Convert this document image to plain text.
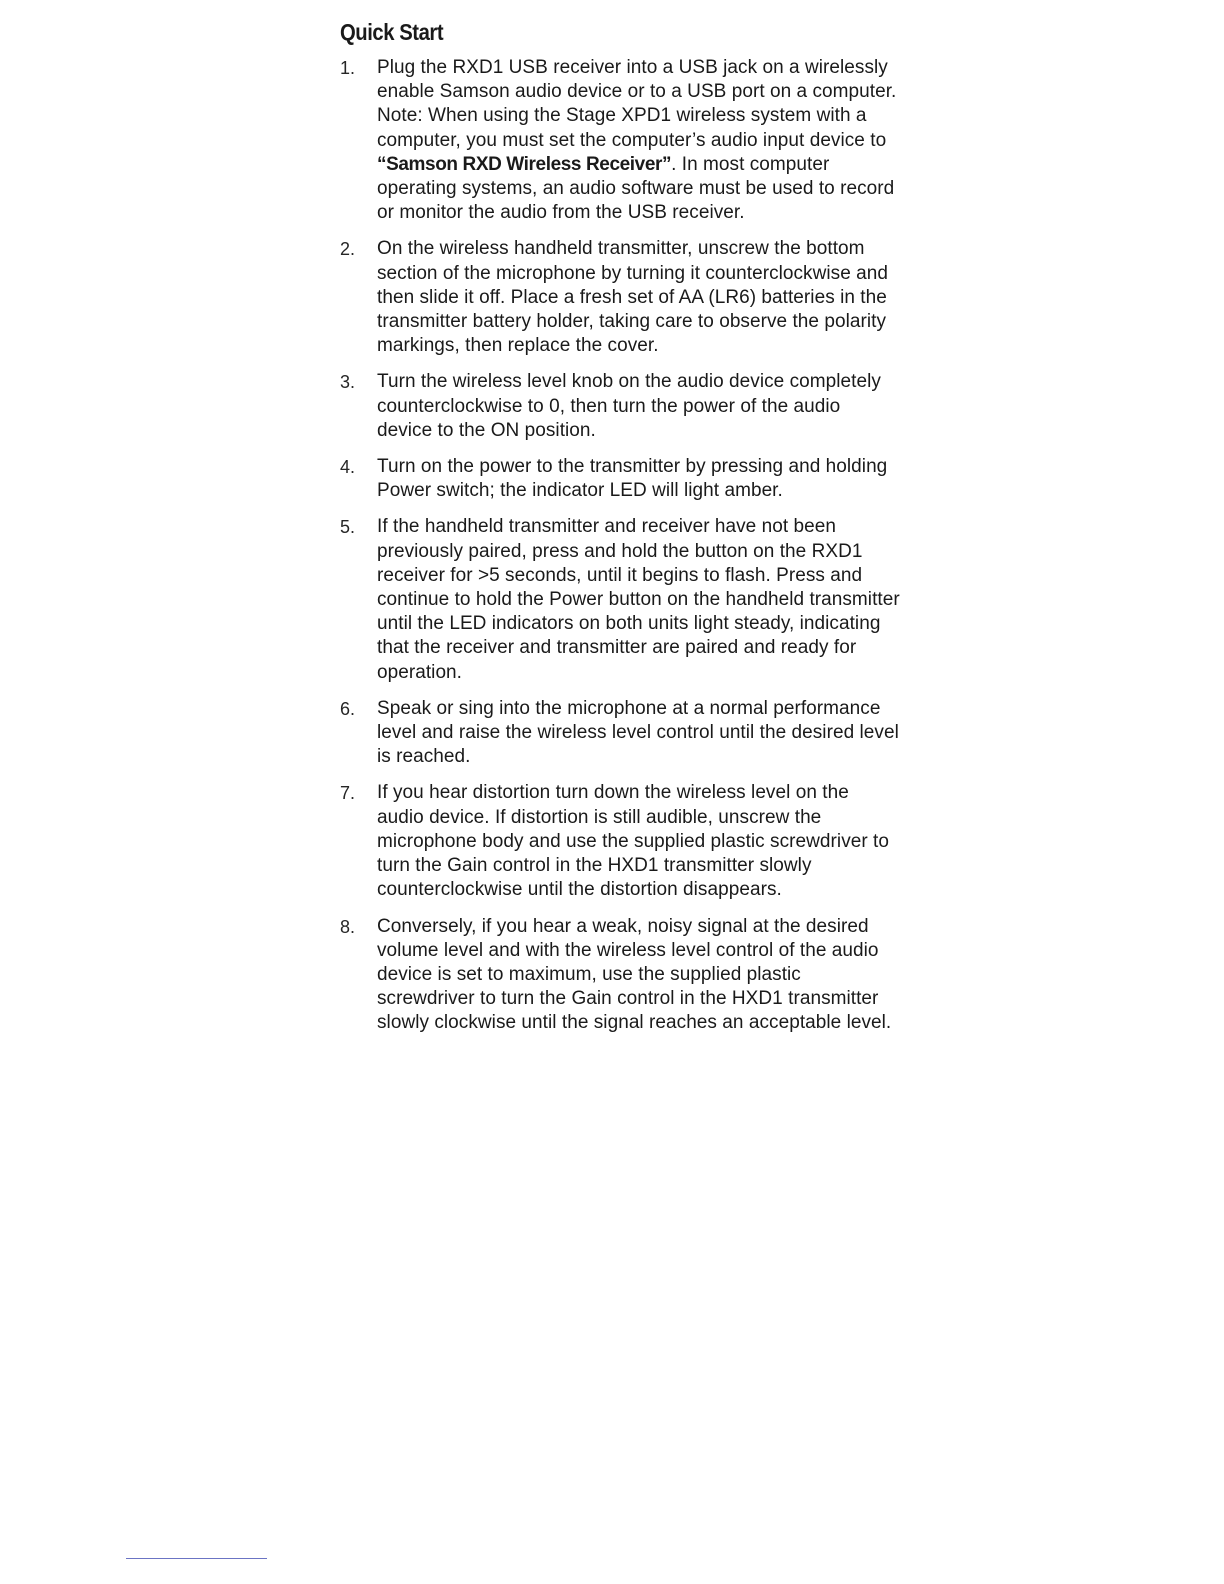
Quick Start
1.	Plug the RXD1 USB receiver into a USB jack on a wirelessly enable Samson audio device or to a USB port on a computer.
Note: When using the Stage XPD1 wireless system with a computer, you must set the computer’s audio input device to “Samson RXD Wireless Receiver”. In most computer operating systems, an audio software must be used to record or monitor the audio from the USB receiver.
2.	On the wireless handheld transmitter, unscrew the bottom section of the microphone by turning it counterclockwise and then slide it off. Place a fresh set of AA (LR6) batteries in the transmitter battery holder, taking care to observe the polarity markings, then replace the cover.
3.	Turn the wireless level knob on the audio device completely counterclockwise to 0, then turn the power of the audio device to the ON position.
4.	Turn on the power to the transmitter by pressing and holding Power switch; the indicator LED will light amber.
5.	If the handheld transmitter and receiver have not been previously paired, press and hold the button on the RXD1 receiver for >5 seconds, until it begins to flash. Press and continue to hold the Power button on the handheld transmitter until the LED indicators on both units light steady, indicating that the receiver and transmitter are paired and ready for operation.
6.	Speak or sing into the microphone at a normal performance level and raise the wireless level control until the desired level is reached.
7.	If you hear distortion turn down the wireless level on the audio device. If distortion is still audible, unscrew the microphone body and use the supplied plastic screwdriver to turn the Gain control in the HXD1 transmitter slowly counterclockwise until the distortion disappears.
8.	Conversely, if you hear a weak, noisy signal at the desired volume level and with the wireless level control of the audio device is set to maximum, use the supplied plastic screwdriver to turn the Gain control in the HXD1 transmitter slowly clockwise until the signal reaches an acceptable level.
